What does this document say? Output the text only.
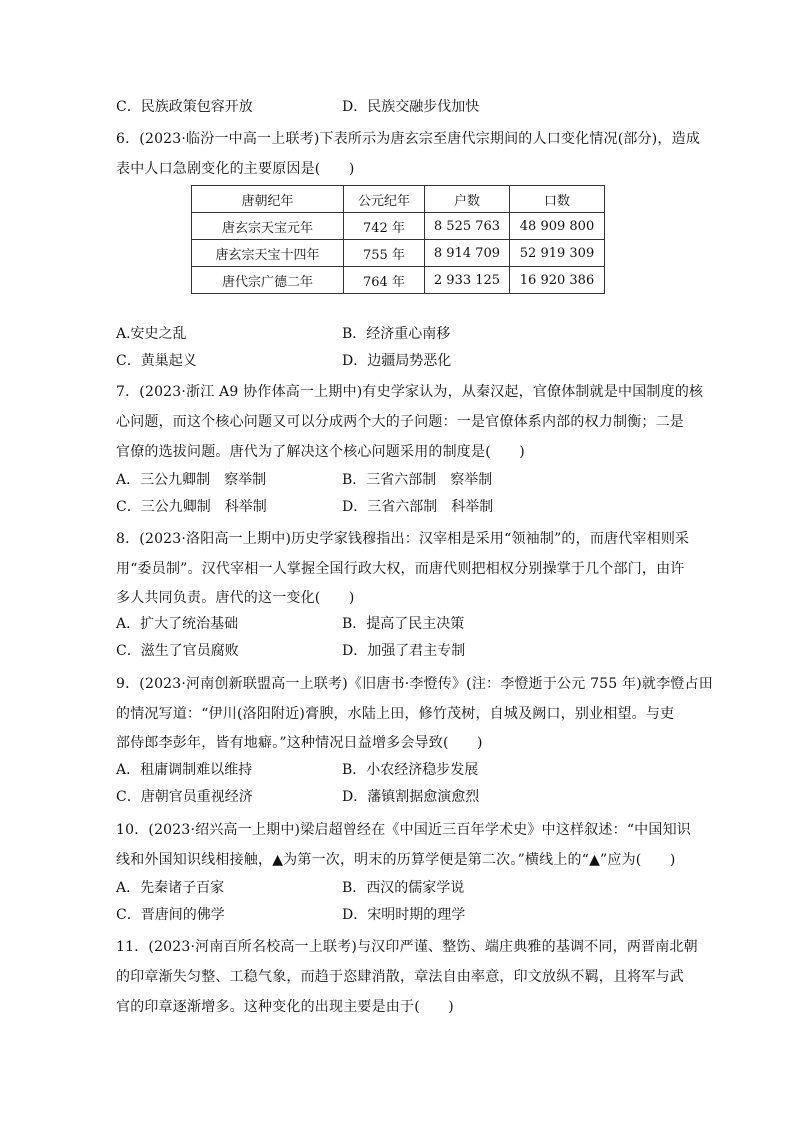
C．民族政策包容开放	D．民族交融步伐加快
6．(2023·临汾一中高一上联考)下表所示为唐玄宗至唐代宗期间的人口变化情况(部分)，造成
表中人口急剧变化的主要原因是(　　)
唐朝纪年	公元纪年	户数	口数
唐玄宗天宝元年	742 年	8 525 763	48 909 800
唐玄宗天宝十四年	755 年	8 914 709	52 919 309
唐代宗广德二年	764 年	2 933 125	16 920 386
A.安史之乱	B．经济重心南移
C．黄巢起义	D．边疆局势恶化
7．(2023·浙江 A9 协作体高一上期中)有史学家认为，从秦汉起，官僚体制就是中国制度的核
心问题，而这个核心问题又可以分成两个大的子问题：一是官僚体系内部的权力制衡；二是
官僚的选拔问题。唐代为了解决这个核心问题采用的制度是(　　)
A．三公九卿制　察举制	B．三省六部制　察举制
C．三公九卿制　科举制	D．三省六部制　科举制
8．(2023·洛阳高一上期中)历史学家钱穆指出：汉宰相是采用“领袖制”的，而唐代宰相则采
用“委员制”。汉代宰相一人掌握全国行政大权，而唐代则把相权分别操掌于几个部门，由许
多人共同负责。唐代的这一变化(　　)
A．扩大了统治基础	B．提高了民主决策
C．滋生了官员腐败	D．加强了君主专制
9．(2023·河南创新联盟高一上联考)《旧唐书·李憕传》(注：李憕逝于公元 755 年)就李憕占田
的情况写道：“伊川(洛阳附近)膏腴，水陆上田，修竹茂树，自城及阙口，别业相望。与吏
部侍郎李彭年，皆有地癖。”这种情况日益增多会导致(　　)
A．租庸调制难以维持	B．小农经济稳步发展
C．唐朝官员重视经济	D．藩镇割据愈演愈烈
10．(2023·绍兴高一上期中)梁启超曾经在《中国近三百年学术史》中这样叙述：“中国知识
线和外国知识线相接触，▲为第一次，明末的历算学便是第二次。”横线上的“▲”应为(　　)
A．先秦诸子百家	B．西汉的儒家学说
C．晋唐间的佛学	D．宋明时期的理学
11．(2023·河南百所名校高一上联考)与汉印严谨、整饬、端庄典雅的基调不同，两晋南北朝
的印章渐失匀整、工稳气象，而趋于恣肆消散，章法自由率意，印文放纵不羁，且将军与武
官的印章逐渐增多。这种变化的出现主要是由于(　　)
